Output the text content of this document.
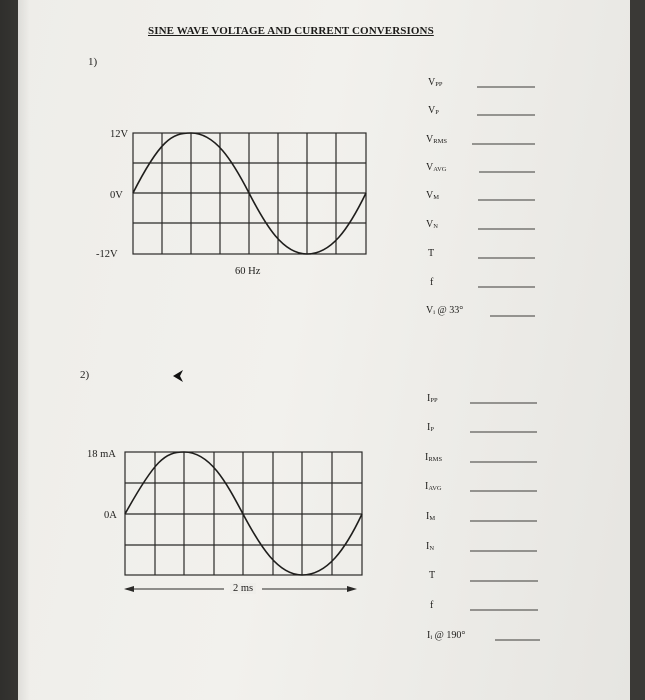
SINE WAVE VOLTAGE AND CURRENT CONVERSIONS
1)
12V
0V
-12V
60 Hz
$V_{PP}$
$V_P$
$V_{RMS}$
$V_{AVG}$
$V_M$
$V_N$
T
f
$V_i$ @ 33°
2)
18 mA
0A
2 ms
$I_{PP}$
$I_P$
$I_{RMS}$
$I_{AVG}$
$I_M$
$I_N$
T
f
$I_i$ @ 190°
